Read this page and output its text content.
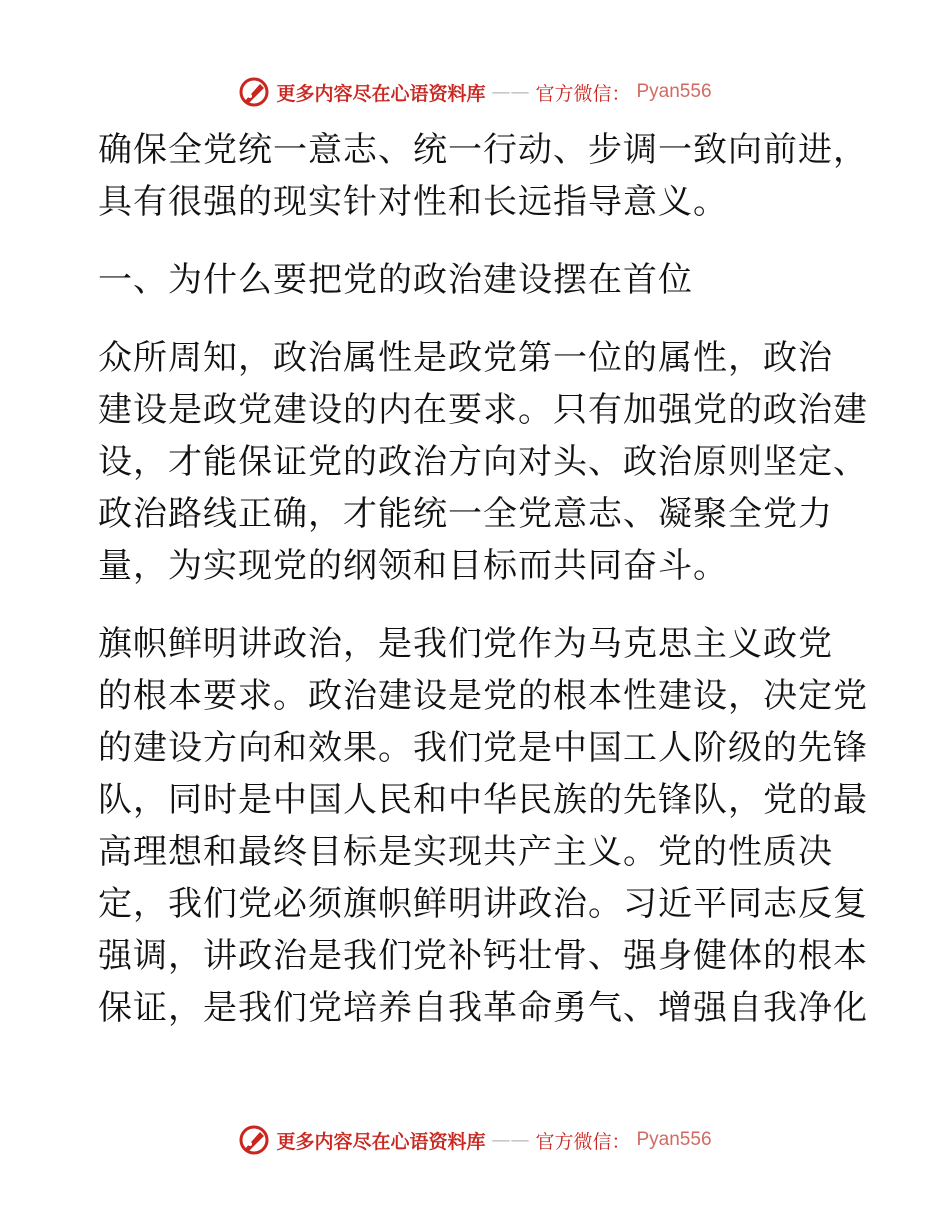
更多内容尽在心语资料库 —— 官方微信： Pyan556

确保全党统一意志、统一行动、步调一致向前进，
具有很强的现实针对性和长远指导意义。

一、为什么要把党的政治建设摆在首位

众所周知，政治属性是政党第一位的属性，政治
建设是政党建设的内在要求。只有加强党的政治建
设，才能保证党的政治方向对头、政治原则坚定、
政治路线正确，才能统一全党意志、凝聚全党力
量，为实现党的纲领和目标而共同奋斗。

旗帜鲜明讲政治，是我们党作为马克思主义政党
的根本要求。政治建设是党的根本性建设，决定党
的建设方向和效果。我们党是中国工人阶级的先锋
队，同时是中国人民和中华民族的先锋队，党的最
高理想和最终目标是实现共产主义。党的性质决
定，我们党必须旗帜鲜明讲政治。习近平同志反复
强调，讲政治是我们党补钙壮骨、强身健体的根本
保证，是我们党培养自我革命勇气、增强自我净化

更多内容尽在心语资料库 —— 官方微信： Pyan556
